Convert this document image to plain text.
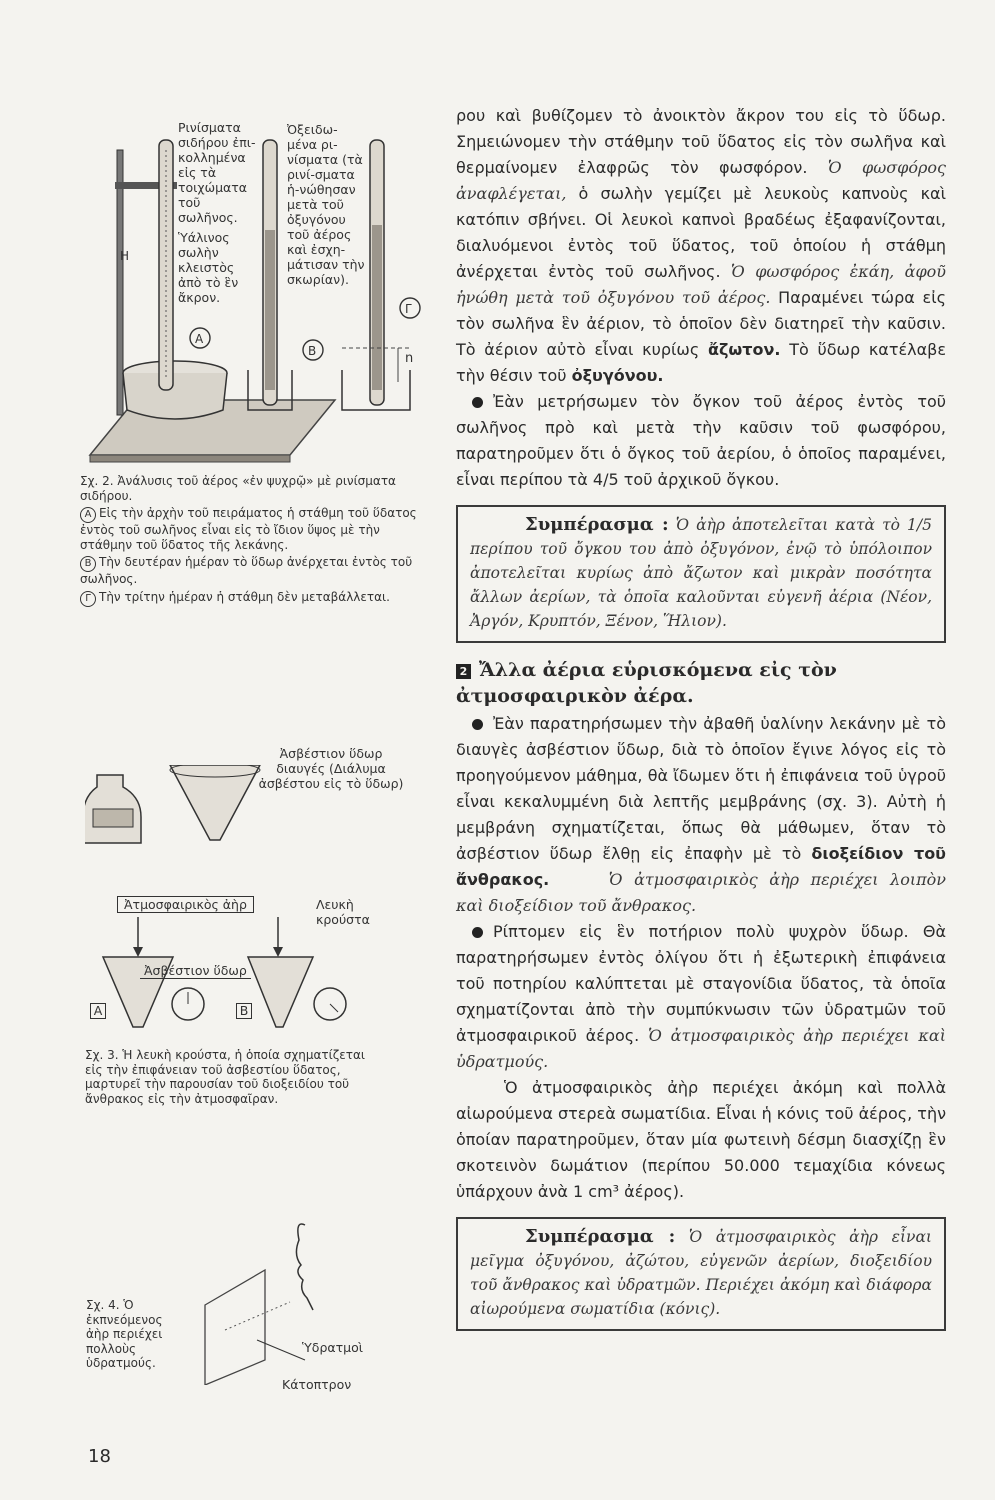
Η
n
Α
Β
Γ
Ρινίσματα σιδήρου ἐπι-κολλημένα εἰς τὰ τοιχώματα τοῦ σωλῆνος.
Ὑάλινος σωλὴν κλειστὸς ἀπὸ τὸ ἓν ἄκρον.
Ὀξειδω-μένα ρι-νίσματα (τὰ ρινί-σματα ἡ-νώθησαν μετὰ τοῦ ὀξυγόνου τοῦ ἀέρος καὶ ἐσχη-μάτισαν τὴν σκωρίαν).
Σχ. 2. Ἀνάλυσις τοῦ ἀέρος «ἐν ψυχρῷ» μὲ ρινίσματα σιδήρου.
A Εἰς τὴν ἀρχὴν τοῦ πειράματος ἡ στάθμη τοῦ ὕδατος ἐντὸς τοῦ σωλῆνος εἶναι εἰς τὸ ἴδιον ὕψος μὲ τὴν στάθμην τοῦ ὕδατος τῆς λεκάνης.
B Τὴν δευτέραν ἡμέραν τὸ ὕδωρ ἀνέρχεται ἐντὸς τοῦ σωλῆνος.
Γ Τὴν τρίτην ἡμέραν ἡ στάθμη δὲν μεταβάλλεται.
Ἀσβέστιον ὕδωρ διαυγές (Διάλυμα ἀσβέστου εἰς τὸ ὕδωρ)
Ἀτμοσφαιρικὸς ἀὴρ	Λευκὴ κρούστα
Ἀσβέστιον ὕδωρ
A	B
Σχ. 3. Ἡ λευκὴ κρούστα, ἡ ὁποία σχηματίζεται εἰς τὴν ἐπιφάνειαν τοῦ ἀσβεστίου ὕδατος, μαρτυρεῖ τὴν παρουσίαν τοῦ διοξειδίου τοῦ ἄνθρακος εἰς τὴν ἀτμοσφαῖραν.
Σχ. 4. Ὁ ἐκπνεόμενος ἀὴρ περιέχει πολλοὺς ὑδρατμούς.
Ὑδρατμοὶ
Κάτοπτρον
18
ρου καὶ βυθίζομεν τὸ ἀνοικτὸν ἄκρον του εἰς τὸ ὕδωρ. Σημειώνομεν τὴν στάθμην τοῦ ὕδατος εἰς τὸν σωλῆνα καὶ θερμαίνομεν ἐλαφρῶς τὸν φωσφόρον. Ὁ φωσφόρος ἀναφλέγεται, ὁ σωλὴν γεμίζει μὲ λευκοὺς καπνοὺς καὶ κατόπιν σβήνει. Οἱ λευκοὶ καπνοὶ βραδέως ἐξαφανίζονται, διαλυόμενοι ἐντὸς τοῦ ὕδατος, τοῦ ὁποίου ἡ στάθμη ἀνέρχεται ἐντὸς τοῦ σωλῆνος. Ὁ φωσφόρος ἐκάη, ἀφοῦ ἡνώθη μετὰ τοῦ ὀξυγόνου τοῦ ἀέρος. Παραμένει τώρα εἰς τὸν σωλῆνα ἓν ἀέριον, τὸ ὁποῖον δὲν διατηρεῖ τὴν καῦσιν. Τὸ ἀέριον αὐτὸ εἶναι κυρίως ἄζωτον. Τὸ ὕδωρ κατέλαβε τὴν θέσιν τοῦ ὀξυγόνου.
Ἐὰν μετρήσωμεν τὸν ὄγκον τοῦ ἀέρος ἐντὸς τοῦ σωλῆνος πρὸ καὶ μετὰ τὴν καῦσιν τοῦ φωσφόρου, παρατηροῦμεν ὅτι ὁ ὄγκος τοῦ ἀερίου, ὁ ὁποῖος παραμένει, εἶναι περίπου τὰ 4/5 τοῦ ἀρχικοῦ ὄγκου.
Συμπέρασμα : Ὁ ἀὴρ ἀποτελεῖται κατὰ τὸ 1/5 περίπου τοῦ ὄγκου του ἀπὸ ὀξυγόνον, ἐνῷ τὸ ὑπόλοιπον ἀποτελεῖται κυρίως ἀπὸ ἄζωτον καὶ μικρὰν ποσότητα ἄλλων ἀερίων, τὰ ὁποῖα καλοῦνται εὐγενῆ ἀέρια (Νέον, Ἀργόν, Κρυπτόν, Ξένον, Ἥλιον).
2 Ἄλλα ἀέρια εὑρισκόμενα εἰς τὸν ἀτμοσφαιρικὸν ἀέρα.
Ἐὰν παρατηρήσωμεν τὴν ἀβαθῆ ὑαλίνην λεκάνην μὲ τὸ διαυγὲς ἀσβέστιον ὕδωρ, διὰ τὸ ὁποῖον ἔγινε λόγος εἰς τὸ προηγούμενον μάθημα, θὰ ἴδωμεν ὅτι ἡ ἐπιφάνεια τοῦ ὑγροῦ εἶναι κεκαλυμμένη διὰ λεπτῆς μεμβράνης (σχ. 3). Αὐτὴ ἡ μεμβράνη σχηματίζεται, ὅπως θὰ μάθωμεν, ὅταν τὸ ἀσβέστιον ὕδωρ ἔλθῃ εἰς ἐπαφὴν μὲ τὸ διοξείδιον τοῦ ἄνθρακος.	Ὁ ἀτμοσφαιρικὸς ἀὴρ περιέχει λοιπὸν καὶ διοξείδιον τοῦ ἄνθρακος.
Ρίπτομεν εἰς ἓν ποτήριον πολὺ ψυχρὸν ὕδωρ. Θὰ παρατηρήσωμεν ἐντὸς ὀλίγου ὅτι ἡ ἐξωτερικὴ ἐπιφάνεια τοῦ ποτηρίου καλύπτεται μὲ σταγονίδια ὕδατος, τὰ ὁποῖα σχηματίζονται ἀπὸ τὴν συμπύκνωσιν τῶν ὑδρατμῶν τοῦ ἀτμοσφαιρικοῦ ἀέρος. Ὁ ἀτμοσφαιρικὸς ἀὴρ περιέχει καὶ ὑδρατμούς.
Ὁ ἀτμοσφαιρικὸς ἀὴρ περιέχει ἀκόμη καὶ πολλὰ αἰωρούμενα στερεὰ σωματίδια. Εἶναι ἡ κόνις τοῦ ἀέρος, τὴν ὁποίαν παρατηροῦμεν, ὅταν μία φωτεινὴ δέσμη διασχίζῃ ἓν σκοτεινὸν δωμάτιον (περίπου 50.000 τεμαχίδια κόνεως ὑπάρχουν ἀνὰ 1 cm³ ἀέρος).
Συμπέρασμα : Ὁ ἀτμοσφαιρικὸς ἀὴρ εἶναι μεῖγμα ὀξυγόνου, ἀζώτου, εὐγενῶν ἀερίων, διοξειδίου τοῦ ἄνθρακος καὶ ὑδρατμῶν. Περιέχει ἀκόμη καὶ διάφορα αἰωρούμενα σωματίδια (κόνις).
